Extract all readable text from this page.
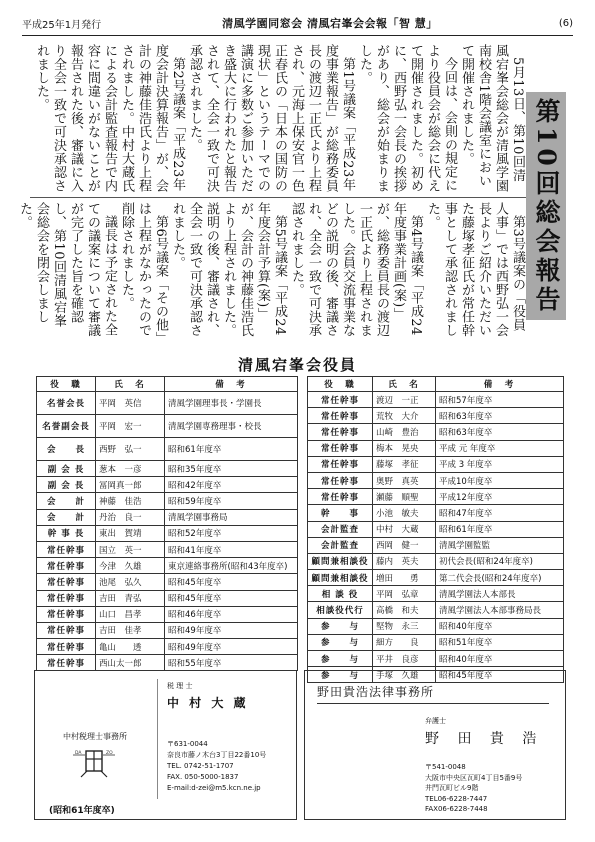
平成25年1月発行	清風学園同窓会 清風宕峯会会報「智 慧」	(6)

5月13日、第10回清風宕峯会総会が清風学園南校舎1階会議室において開催されました。

今回は、会則の規定により役員会が総会に代えて開催されました。初めに、西野弘一会長の挨拶があり、総会が始まりました。

第1号議案「平成23年度事業報告」が総務委員長の渡辺一正氏より上程され、元海上保安官一色正春氏の「日本の国防の現状」というテーマでの講演に多数ご参加いただき盛大に行われたと報告されて、全会一致で可決承認されました。

第2号議案「平成23年度会計決算報告」が、会計の神藤佳浩氏より上程されました。中村大蔵氏による会計監査報告で内容に間違いがないことが報告された後、審議に入り全会一致で可決承認されました。

第3号議案の「役員人事」では西野弘一会長よりご紹介いただいた藤塚孝征氏が常任幹事として承認されました。

第4号議案「平成24年度事業計画(案)」が、総務委員長の渡辺一正氏より上程されました。会員交流事業などの説明の後、審議され、全会一致で可決承認されました。

第5号議案「平成24年度会計予算(案)」が、会計の神藤佳浩氏より上程されました。説明の後、審議され、全会一致で可決承認されました。

第6号議案「その他」は上程がなかったので削除されました。

議長は予定された全ての議案について審議が完了した旨を確認し、第10回清風宕峯会総会を閉会しました。	第10回総会報告
清風宕峯会役員
役　職	氏　名	備　考
名誉会長	平岡　英信	清風学園理事長・学園長
名誉副会長	平岡　宏一	清風学園専務理事・校長
会　　長	西野　弘一	昭和61年度卒
副 会 長	葱本　一彦	昭和35年度卒
副 会 長	冨岡真一郎	昭和42年度卒
会　　計	神藤　佳浩	昭和59年度卒
会　　計	丹治　良一	清風学園事務局
幹 事 長	東出　賀靖	昭和52年度卒
常任幹事	国立　英一	昭和41年度卒
常任幹事	今津　久雄	東京連絡事務所(昭和43年度卒)
常任幹事	池尾　弘久	昭和45年度卒
常任幹事	吉田　青弘	昭和45年度卒
常任幹事	山口　昌孝	昭和46年度卒
常任幹事	吉田　佳孝	昭和49年度卒
常任幹事	亀山　　透	昭和49年度卒
常任幹事	西山太一郎	昭和55年度卒
役　職	氏　名	備　考
常任幹事	渡辺　一正	昭和57年度卒
常任幹事	荒牧　大介	昭和63年度卒
常任幹事	山崎　豊治	昭和63年度卒
常任幹事	梅本　晃央	平成 元 年度卒
常任幹事	藤塚　孝征	平成 3 年度卒
常任幹事	奥野　真英	平成10年度卒
常任幹事	瀬藤　順聖	平成12年度卒
幹　　事	小池　敏夫	昭和47年度卒
会計監査	中村　大蔵	昭和61年度卒
会計監査	西岡　健一	清風学園監監
顧問兼相談役	藤内　英夫	初代会長(昭和24年度卒)
顧問兼相談役	増田　　勇	第二代会長(昭和24年度卒)
相 談 役	平岡　弘章	清風学園法人本部長
相談役代行	高橋　和夫	清風学園法人本部事務局長
参　　与	堅物　永三	昭和40年度卒
参　　与	細方　　良	昭和51年度卒
参　　与	平井　良彦	昭和40年度卒
参　　与	手塚　久雄	昭和45年度卒
中村税理士事務所
DA	ZO
(昭和61年度卒)
税 理 士
中 村 大 蔵
〒631-0044
奈良市藤ノ木台3丁目22番10号
TEL. 0742-51-1707
FAX. 050-5000-1837
E-mail:d-zei@m5.kcn.ne.jp
野田貴浩法律事務所
弁護士
野 田 貴 浩
〒541-0048
大阪市中央区瓦町4丁目5番9号
井門瓦町ビル9階
TEL06-6228-7447
FAX06-6228-7448
